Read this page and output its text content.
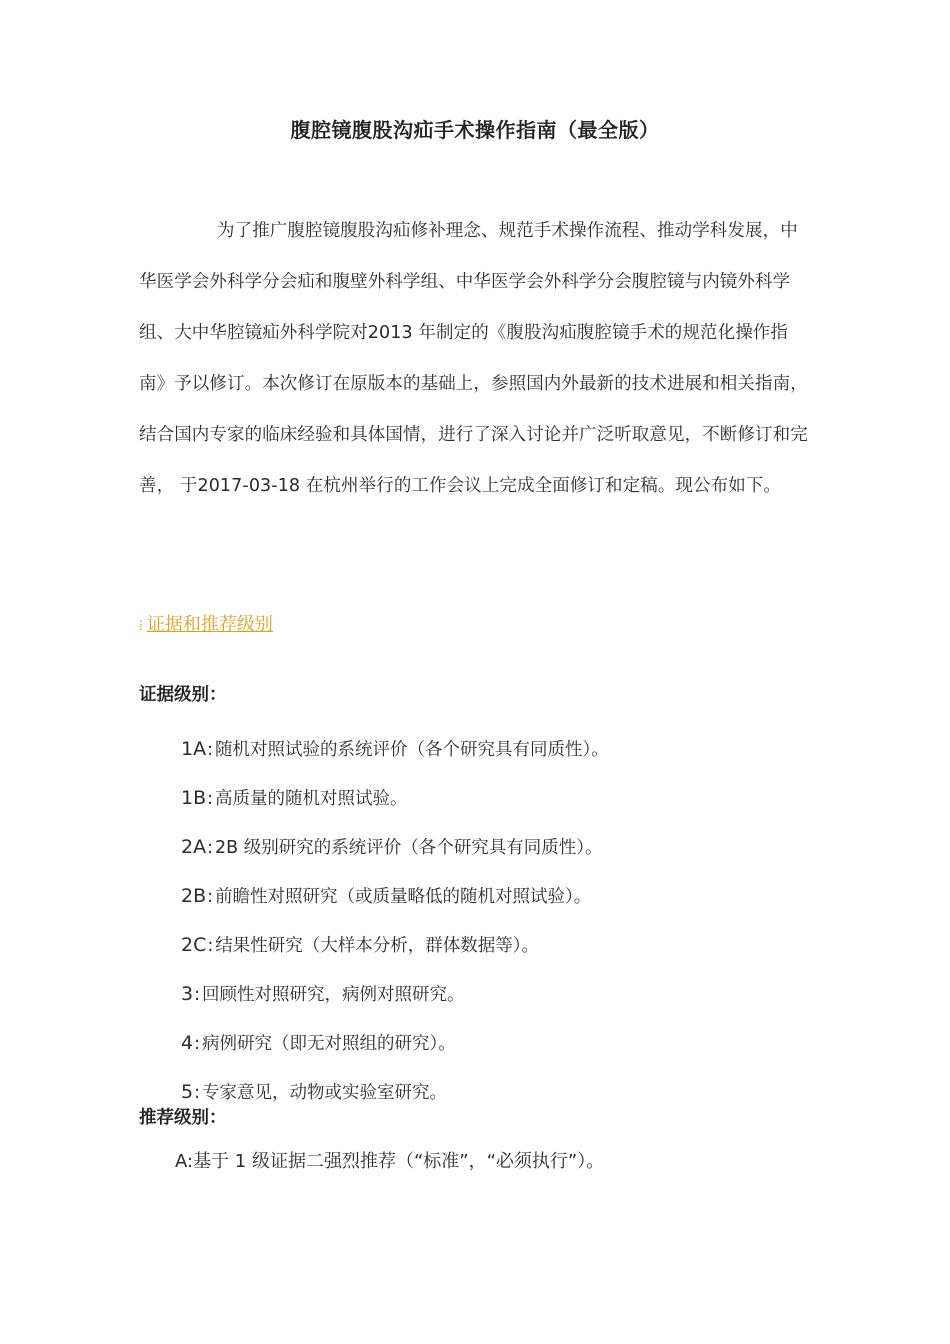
腹腔镜腹股沟疝手术操作指南（最全版）

为了推广腹腔镜腹股沟疝修补理念、规范手术操作流程、推动学科发展，中华医学会外科学分会疝和腹壁外科学组、中华医学会外科学分会腹腔镜与内镜外科学组、大中华腔镜疝外科学院对2013 年制定的《腹股沟疝腹腔镜手术的规范化操作指南》予以修订。本次修订在原版本的基础上，参照国内外最新的技术进展和相关指南，结合国内专家的临床经验和具体国情，进行了深入讨论并广泛听取意见，不断修订和完善， 于2017-03-18 在杭州举行的工作会议上完成全面修订和定稿。现公布如下。

⁞ 证据和推荐级别
证据级别：
1A: 随机对照试验的系统评价（各个研究具有同质性）。
1B: 高质量的随机对照试验。
2A: 2B 级别研究的系统评价（各个研究具有同质性）。
2B: 前瞻性对照研究（或质量略低的随机对照试验）。
2C: 结果性研究（大样本分析，群体数据等）。
3: 回顾性对照研究，病例对照研究。
4: 病例研究（即无对照组的研究）。
5: 专家意见，动物或实验室研究。
推荐级别：
A:基于 1 级证据二强烈推荐（“标准”，“必须执行”）。
